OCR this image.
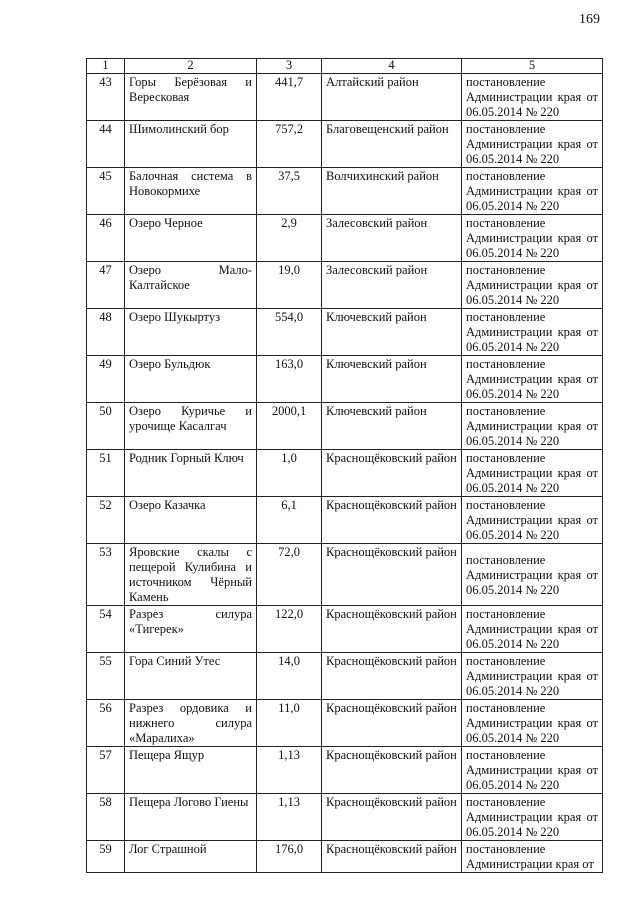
169
1	2	3	4	5
43	Горы Берёзовая и Вересковая	441,7	Алтайский район	постановление Администрации края от 06.05.2014 № 220
44	Шимолинский бор	757,2	Благовещенский район	постановление Администрации края от 06.05.2014 № 220
45	Балочная система в Новокормихе	37,5	Волчихинский район	постановление Администрации края от 06.05.2014 № 220
46	Озеро Черное	2,9	Залесовский район	постановление Администрации края от 06.05.2014 № 220
47	Озеро Мало-Калтайское	19,0	Залесовский район	постановление Администрации края от 06.05.2014 № 220
48	Озеро Шукыртуз	554,0	Ключевский район	постановление Администрации края от 06.05.2014 № 220
49	Озеро Бульдюк	163,0	Ключевский район	постановление Администрации края от 06.05.2014 № 220
50	Озеро Куричье и урочище Касалгач	2000,1	Ключевский район	постановление Администрации края от 06.05.2014 № 220
51	Родник Горный Ключ	1,0	Краснощёковский район	постановление Администрации края от 06.05.2014 № 220
52	Озеро Казачка	6,1	Краснощёковский район	постановление Администрации края от 06.05.2014 № 220
53	Яровские скалы с пещерой Кулибина и источником Чёрный Камень	72,0	Краснощёковский район	постановление Администрации края от 06.05.2014 № 220
54	Разрез силура «Тигерек»	122,0	Краснощёковский район	постановление Администрации края от 06.05.2014 № 220
55	Гора Синий Утес	14,0	Краснощёковский район	постановление Администрации края от 06.05.2014 № 220
56	Разрез ордовика и нижнего силура «Маралиха»	11,0	Краснощёковский район	постановление Администрации края от 06.05.2014 № 220
57	Пещера Ящур	1,13	Краснощёковский район	постановление Администрации края от 06.05.2014 № 220
58	Пещера Логово Гиены	1,13	Краснощёковский район	постановление Администрации края от 06.05.2014 № 220
59	Лог Страшной	176,0	Краснощёковский район	постановление Администрации края от
